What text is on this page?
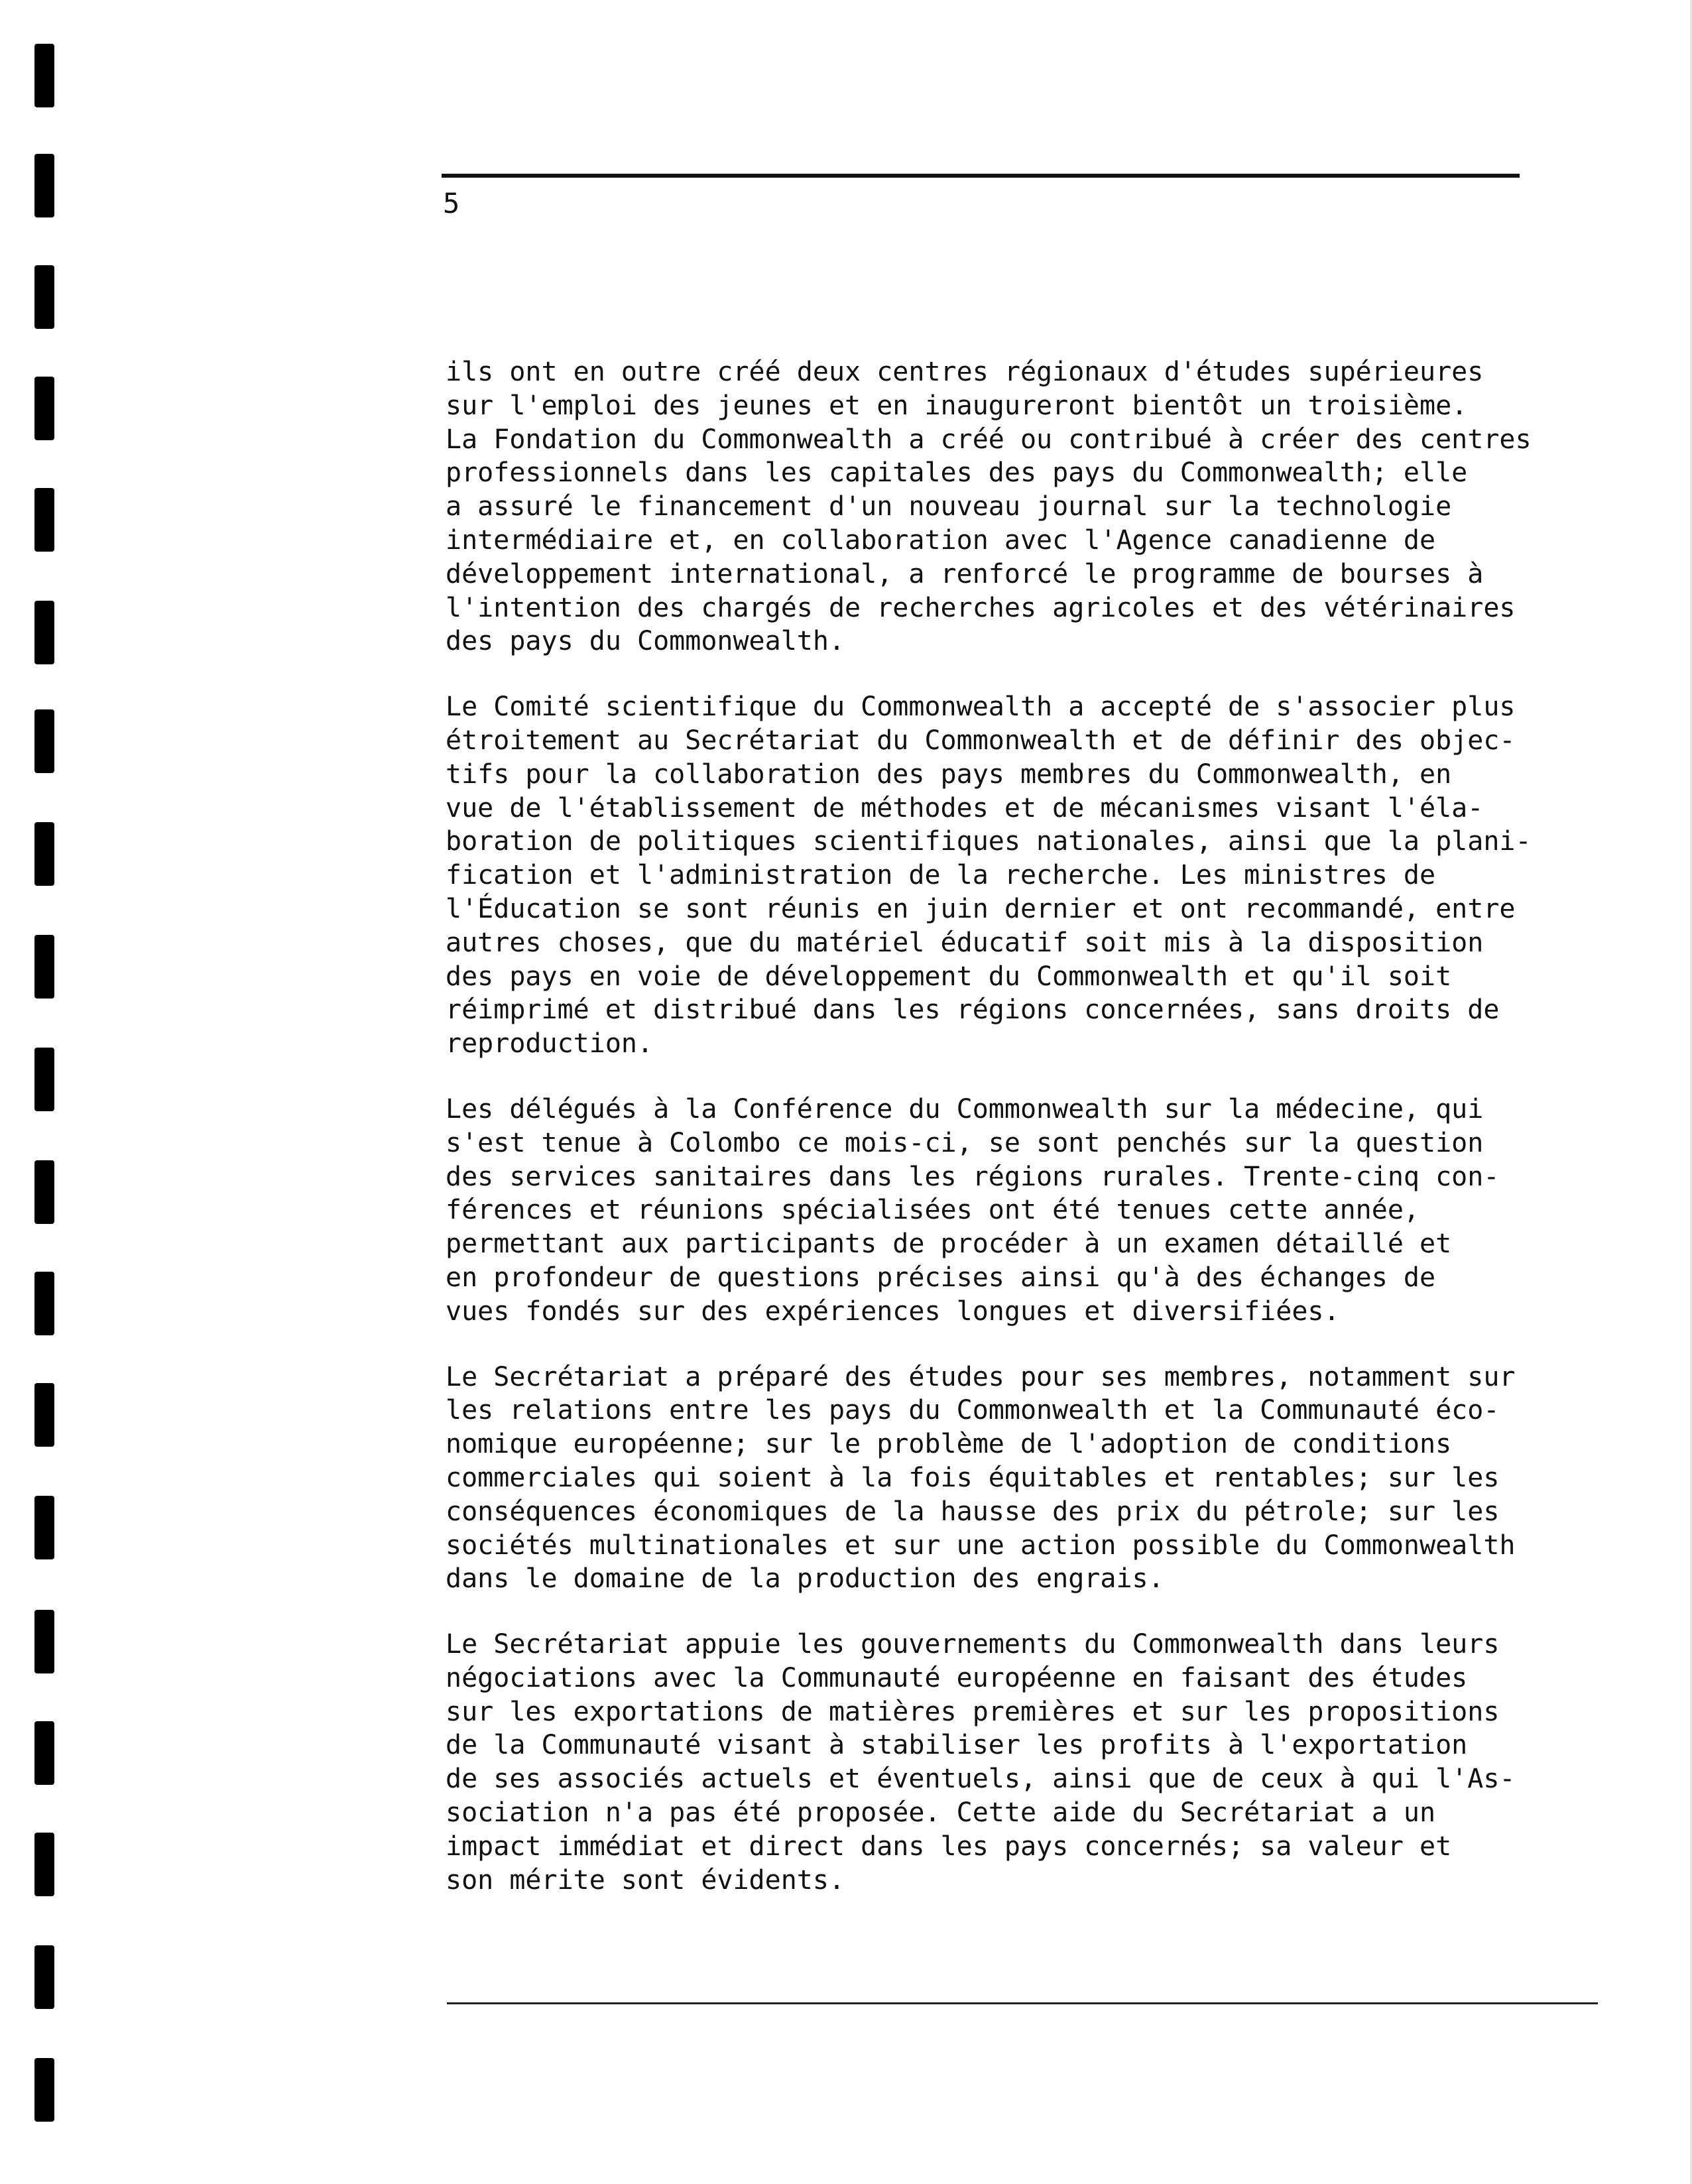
5
ils ont en outre créé deux centres régionaux d'études supérieures
sur l'emploi des jeunes et en inaugureront bientôt un troisième.
La Fondation du Commonwealth a créé ou contribué à créer des centres
professionnels dans les capitales des pays du Commonwealth; elle
a assuré le financement d'un nouveau journal sur la technologie
intermédiaire et, en collaboration avec l'Agence canadienne de
développement international, a renforcé le programme de bourses à
l'intention des chargés de recherches agricoles et des vétérinaires
des pays du Commonwealth.
Le Comité scientifique du Commonwealth a accepté de s'associer plus
étroitement au Secrétariat du Commonwealth et de définir des objec-
tifs pour la collaboration des pays membres du Commonwealth, en
vue de l'établissement de méthodes et de mécanismes visant l'éla-
boration de politiques scientifiques nationales, ainsi que la plani-
fication et l'administration de la recherche. Les ministres de
l'Éducation se sont réunis en juin dernier et ont recommandé, entre
autres choses, que du matériel éducatif soit mis à la disposition
des pays en voie de développement du Commonwealth et qu'il soit
réimprimé et distribué dans les régions concernées, sans droits de
reproduction.
Les délégués à la Conférence du Commonwealth sur la médecine, qui
s'est tenue à Colombo ce mois-ci, se sont penchés sur la question
des services sanitaires dans les régions rurales. Trente-cinq con-
férences et réunions spécialisées ont été tenues cette année,
permettant aux participants de procéder à un examen détaillé et
en profondeur de questions précises ainsi qu'à des échanges de
vues fondés sur des expériences longues et diversifiées.
Le Secrétariat a préparé des études pour ses membres, notamment sur
les relations entre les pays du Commonwealth et la Communauté éco-
nomique européenne; sur le problème de l'adoption de conditions
commerciales qui soient à la fois équitables et rentables; sur les
conséquences économiques de la hausse des prix du pétrole; sur les
sociétés multinationales et sur une action possible du Commonwealth
dans le domaine de la production des engrais.
Le Secrétariat appuie les gouvernements du Commonwealth dans leurs
négociations avec la Communauté européenne en faisant des études
sur les exportations de matières premières et sur les propositions
de la Communauté visant à stabiliser les profits à l'exportation
de ses associés actuels et éventuels, ainsi que de ceux à qui l'As-
sociation n'a pas été proposée. Cette aide du Secrétariat a un
impact immédiat et direct dans les pays concernés; sa valeur et
son mérite sont évidents.
